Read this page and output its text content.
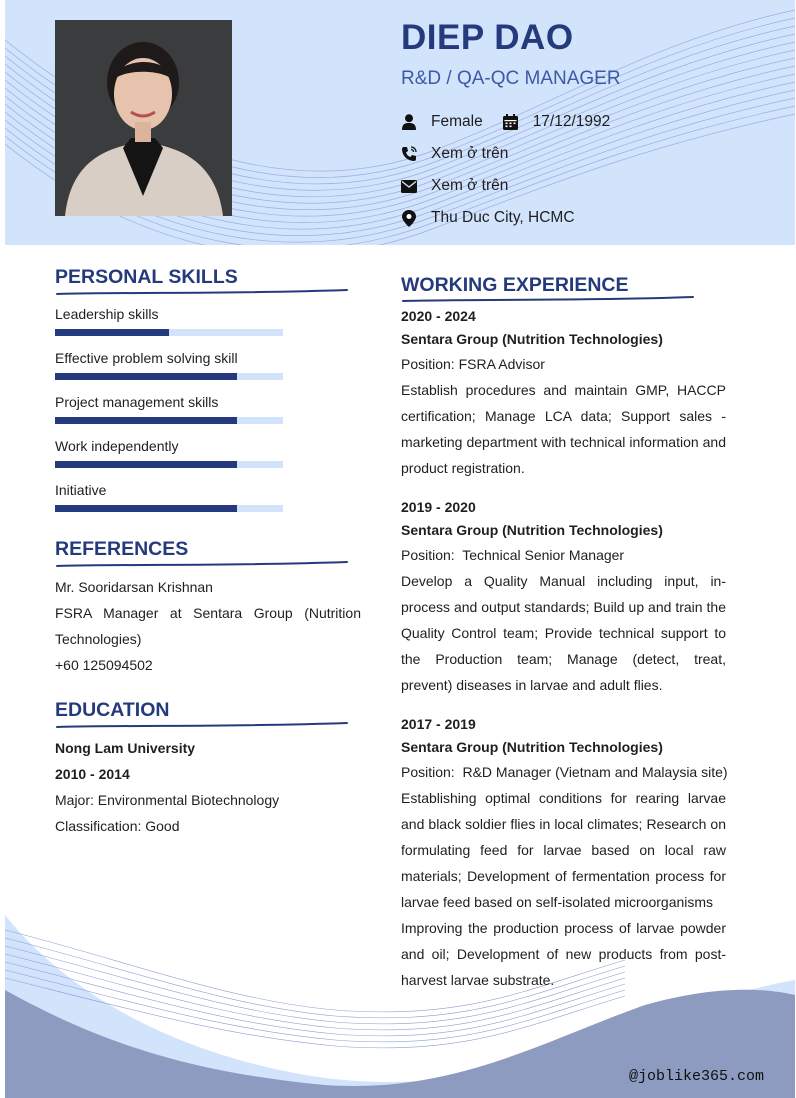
DIEP DAO
R&D / QA-QC MANAGER
Female	17/12/1992
Xem ở trên
Xem ở trên
Thu Duc City, HCMC
PERSONAL SKILLS
Leadership skills
Effective problem solving skill
Project management skills
Work independently
Initiative
REFERENCES
Mr. Sooridarsan Krishnan

FSRA Manager at Sentara Group (Nutrition Technologies)

+60 125094502
EDUCATION
Nong Lam University
2010 - 2014
Major: Environmental Biotechnology
Classification: Good
WORKING EXPERIENCE
2020 - 2024
Sentara Group (Nutrition Technologies)
Position: FSRA Advisor

Establish procedures and maintain GMP, HACCP certification; Manage LCA data; Support sales - marketing department with technical information and product registration.

2019 - 2020
Sentara Group (Nutrition Technologies)
Position:  Technical Senior Manager

Develop a Quality Manual including input, in-process and output standards; Build up and train the Quality Control team; Provide technical support to the Production team; Manage (detect, treat, prevent) diseases in larvae and adult flies.

2017 - 2019
Sentara Group (Nutrition Technologies)
Position:  R&D Manager (Vietnam and Malaysia site)

Establishing optimal conditions for rearing larvae and black soldier flies in local climates; Research on formulating feed for larvae based on local raw materials; Development of fermentation process for larvae feed based on self-isolated microorganisms

Improving the production process of larvae powder and oil; Development of new products from post-harvest larvae substrate.

@joblike365.com
